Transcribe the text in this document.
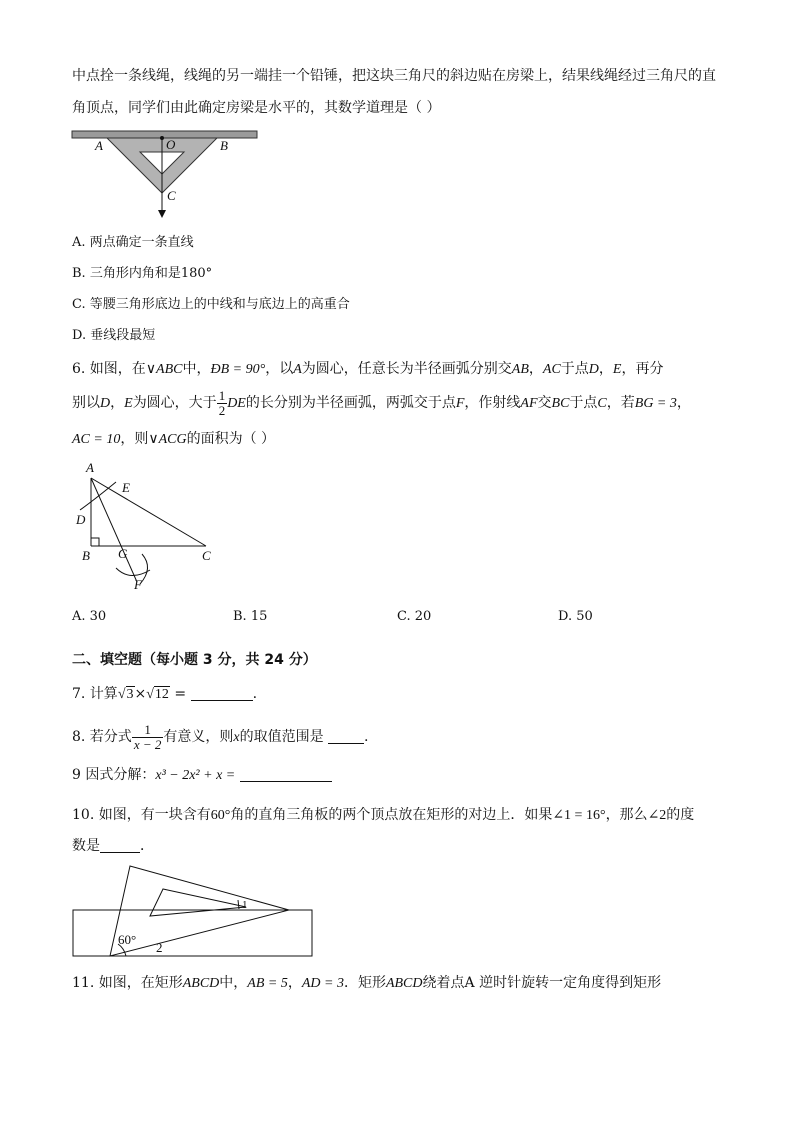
中点拴一条线绳，线绳的另一端挂一个铅锤，把这块三角尺的斜边贴在房梁上，结果线绳经过三角尺的直
角顶点，同学们由此确定房梁是水平的，其数学道理是（ ）
A	O	B
C
A. 两点确定一条直线
B. 三角形内角和是180°
C. 等腰三角形底边上的中线和与底边上的高重合
D. 垂线段最短
6. 如图，在∨ABC中，ÐB = 90°，以A为圆心，任意长为半径画弧分别交AB，AC于点D，E，再分
别以D，E为圆心，大于 $\frac{1}{2}$ DE的长分别为半径画弧，两弧交于点F，作射线AF交BC于点C，若BG = 3，
AC = 10，则∨ACG的面积为（ ）
A
E
D
B G	C
F
A. 30	B. 15	C. 20	D. 50
二、填空题（每小题 3 分，共 24 分）
7. 计算√3×√12 =	.
8. 若分式 $\frac{1}{x - 2}$ 有意义，则x的取值范围是	.
9 因式分解：x³ − 2x² + x =
10. 如图，有一块含有60°角的直角三角板的两个顶点放在矩形的对边上．如果∠1 = 16°，那么∠2的度
数是	．
60°
1
2
11. 如图，在矩形ABCD中，AB = 5，AD = 3．矩形ABCD绕着点A 逆时针旋转一定角度得到矩形
